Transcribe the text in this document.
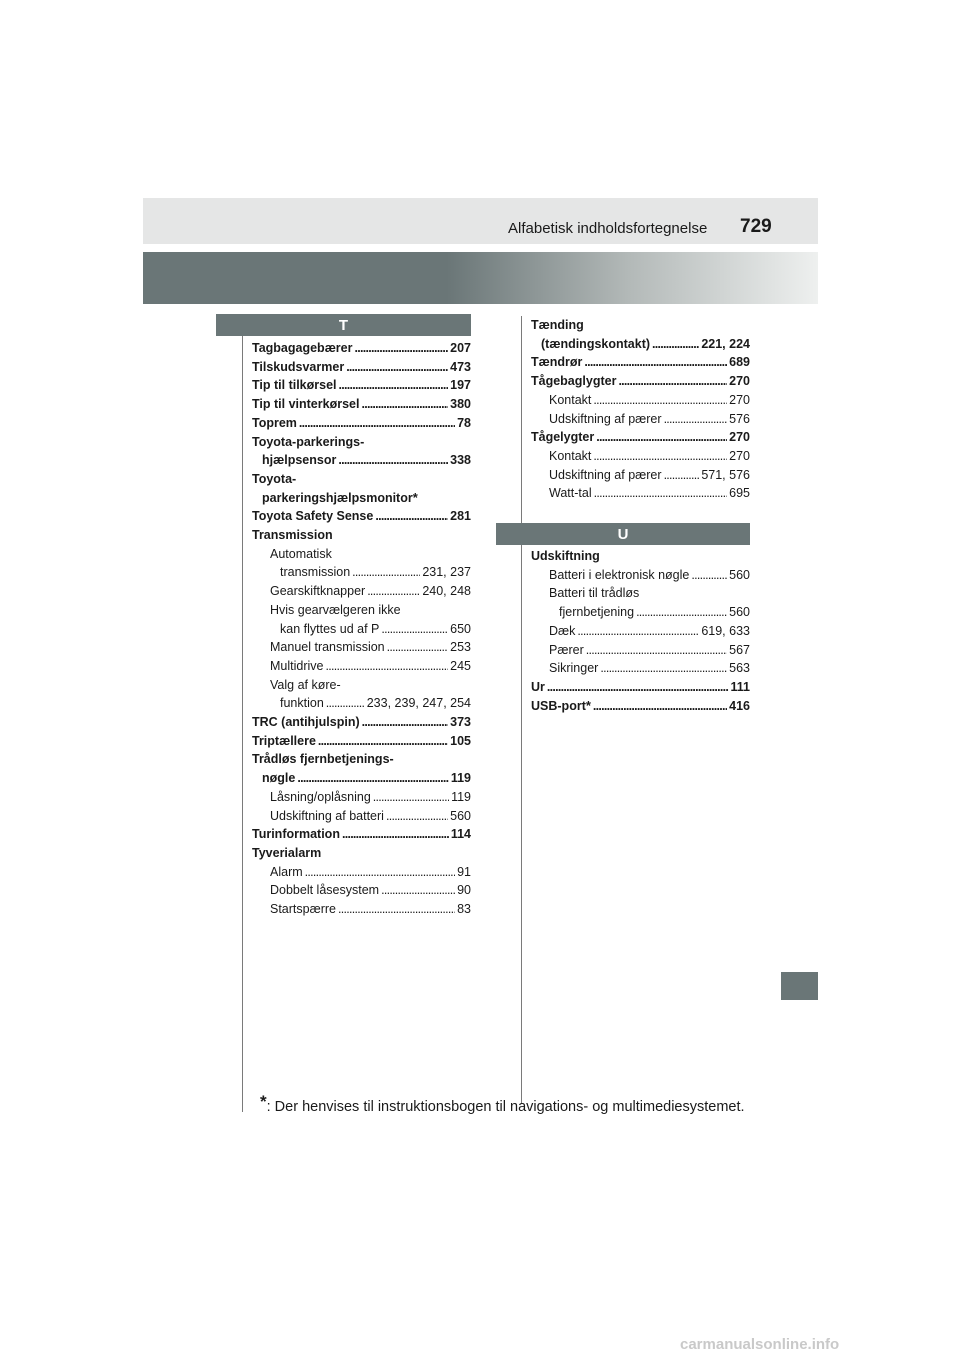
Alfabetisk indholdsfortegnelse 729
T
U
Tagbagagebærer . . .	207
Tilskudsvarmer . . .	473
Tip til tilkørsel . . .	197
Tip til vinterkørsel . . .	380
Toprem . . .	78
Toyota-parkerings-
hjælpsensor . . .	338
Toyota-
parkeringshjælpsmonitor *
Toyota Safety Sense . . .	281
Transmission
Automatisk
transmission . . .	231, 237
Gearskiftknapper . . .	240, 248
Hvis gearvælgeren ikke
kan flyttes ud af P . . .	650
Manuel transmission . . .	253
Multidrive . . .	245
Valg af køre-
funktion . . .	233, 239, 247, 254
TRC (antihjulspin) . . .	373
Triptællere . . .	105
Trådløs fjernbetjenings-
nøgle . . .	119
Låsning/oplåsning . . .	119
Udskiftning af batteri . . .	560
Turinformation . . .	114
Tyverialarm
Alarm . . .	91
Dobbelt låsesystem . . .	90
Startspærre . . .	83
Tænding
(tændingskontakt) . . .	221, 224
Tændrør . . .	689
Tågebaglygter . . .	270
Kontakt . . .	270
Udskiftning af pærer . . .	576
Tågelygter . . .	270
Kontakt . . .	270
Udskiftning af pærer . . .	571, 576
Watt-tal . . .	695
Udskiftning
Batteri i elektronisk nøgle . . .	560
Batteri til trådløs
fjernbetjening . . .	560
Dæk . . .	619, 633
Pærer . . .	567
Sikringer . . .	563
Ur . . .	111
USB-port * . . .	416
*: Der henvises til instruktionsbogen til navigations- og multimediesystemet.
carmanualsonline.info
